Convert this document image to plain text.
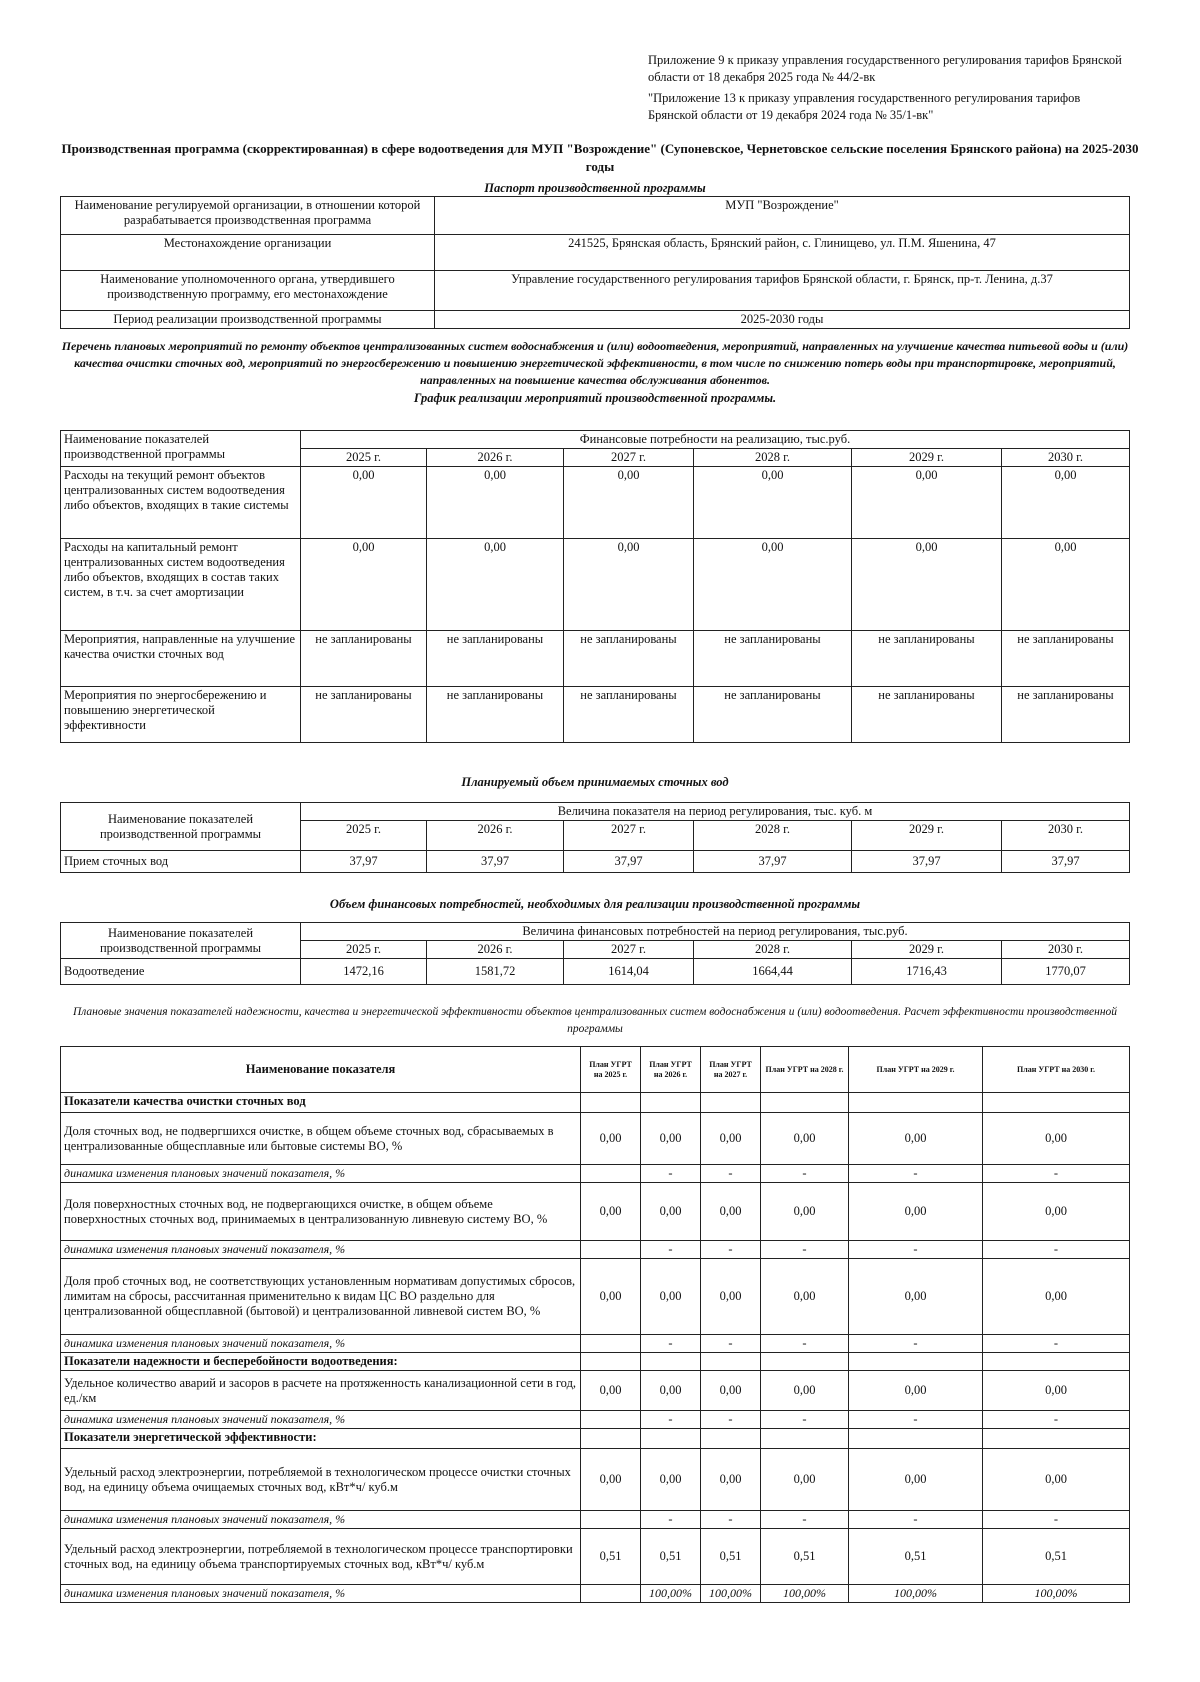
Приложение 9 к приказу управления государственного регулирования тарифов Брянской области от 18 декабря 2025 года № 44/2-вк
"Приложение 13 к приказу управления государственного регулирования тарифов Брянской области от 19 декабря 2024 года № 35/1-вк"
Производственная программа (скорректированная) в сфере водоотведения для МУП "Возрождение" (Супоневское, Чернетовское сельские поселения Брянского района) на 2025-2030 годы
Паспорт производственной программы
Наименование регулируемой организации, в отношении которой разрабатывается производственная программа	МУП "Возрождение"
Местонахождение организации	241525, Брянская область, Брянский район, с. Глинищево, ул. П.М. Яшенина, 47
Наименование уполномоченного органа, утвердившего производственную программу, его местонахождение	Управление государственного регулирования тарифов Брянской области, г. Брянск, пр-т. Ленина, д.37
Период реализации производственной программы	2025-2030 годы
Перечень плановых мероприятий по ремонту объектов централизованных систем водоснабжения и (или) водоотведения, мероприятий, направленных на улучшение качества питьевой воды и (или) качества очистки сточных вод, мероприятий по энергосбережению и повышению энергетической эффективности, в том числе по снижению потерь воды при транспортировке, мероприятий, направленных на повышение качества обслуживания абонентов.
График реализации мероприятий производственной программы.
Наименование показателей производственной программы	Финансовые потребности на реализацию, тыс.руб.					
	2025 г.	2026 г.	2027 г.	2028 г.	2029 г.	2030 г.
Расходы на текущий ремонт объектов централизованных систем водоотведения либо объектов, входящих в такие системы	0,00	0,00	0,00	0,00	0,00	0,00
Расходы на капитальный ремонт централизованных систем водоотведения либо объектов, входящих в состав таких систем, в т.ч. за счет амортизации	0,00	0,00	0,00	0,00	0,00	0,00
Мероприятия, направленные на улучшение качества очистки сточных вод	не запланированы	не запланированы	не запланированы	не запланированы	не запланированы	не запланированы
Мероприятия по энергосбережению и повышению энергетической эффективности	не запланированы	не запланированы	не запланированы	не запланированы	не запланированы	не запланированы
Планируемый объем принимаемых сточных вод
Наименование показателей производственной программы	Величина показателя на период регулирования, тыс. куб. м					
	2025 г.	2026 г.	2027 г.	2028 г.	2029 г.	2030 г.
Прием сточных вод	37,97	37,97	37,97	37,97	37,97	37,97
Объем финансовых потребностей, необходимых для реализации производственной программы
Наименование показателей производственной программы	Величина финансовых потребностей на период регулирования, тыс.руб.					
	2025 г.	2026 г.	2027 г.	2028 г.	2029 г.	2030 г.
Водоотведение	1472,16	1581,72	1614,04	1664,44	1716,43	1770,07
Плановые значения показателей надежности, качества и энергетической эффективности объектов централизованных систем водоснабжения и (или) водоотведения. Расчет эффективности производственной программы
Наименование показателя	План УГРТ на 2025 г.	План УГРТ на 2026 г.	План УГРТ на 2027 г.	План УГРТ на 2028 г.	План УГРТ на 2029 г.	План УГРТ на 2030 г.
Показатели качества очистки сточных вод						
Доля сточных вод, не подвергшихся очистке, в общем объеме сточных вод, сбрасываемых в централизованные общесплавные или бытовые системы ВО, %	0,00	0,00	0,00	0,00	0,00	0,00
динамика изменения плановых значений показателя, %		-	-	-	-	-
Доля поверхностных сточных вод, не подвергающихся очистке, в общем объеме поверхностных сточных вод, принимаемых в централизованную ливневую систему ВО, %	0,00	0,00	0,00	0,00	0,00	0,00
динамика изменения плановых значений показателя, %		-	-	-	-	-
Доля проб сточных вод, не соответствующих установленным нормативам допустимых сбросов, лимитам на сбросы, рассчитанная применительно к видам ЦС ВО раздельно для централизованной общесплавной (бытовой) и централизованной ливневой систем ВО, %	0,00	0,00	0,00	0,00	0,00	0,00
динамика изменения плановых значений показателя, %		-	-	-	-	-
Показатели надежности и бесперебойности водоотведения:						
Удельное количество аварий и засоров в расчете на протяженность канализационной сети в год, ед./км	0,00	0,00	0,00	0,00	0,00	0,00
динамика изменения плановых значений показателя, %		-	-	-	-	-
Показатели энергетической эффективности:						
Удельный расход электроэнергии, потребляемой в технологическом процессе очистки сточных вод, на единицу объема очищаемых сточных вод, кВт*ч/ куб.м	0,00	0,00	0,00	0,00	0,00	0,00
динамика изменения плановых значений показателя, %		-	-	-	-	-
Удельный расход электроэнергии, потребляемой в технологическом процессе транспортировки сточных вод, на единицу объема транспортируемых сточных вод, кВт*ч/ куб.м	0,51	0,51	0,51	0,51	0,51	0,51
динамика изменения плановых значений показателя, %		100,00%	100,00%	100,00%	100,00%	100,00%
